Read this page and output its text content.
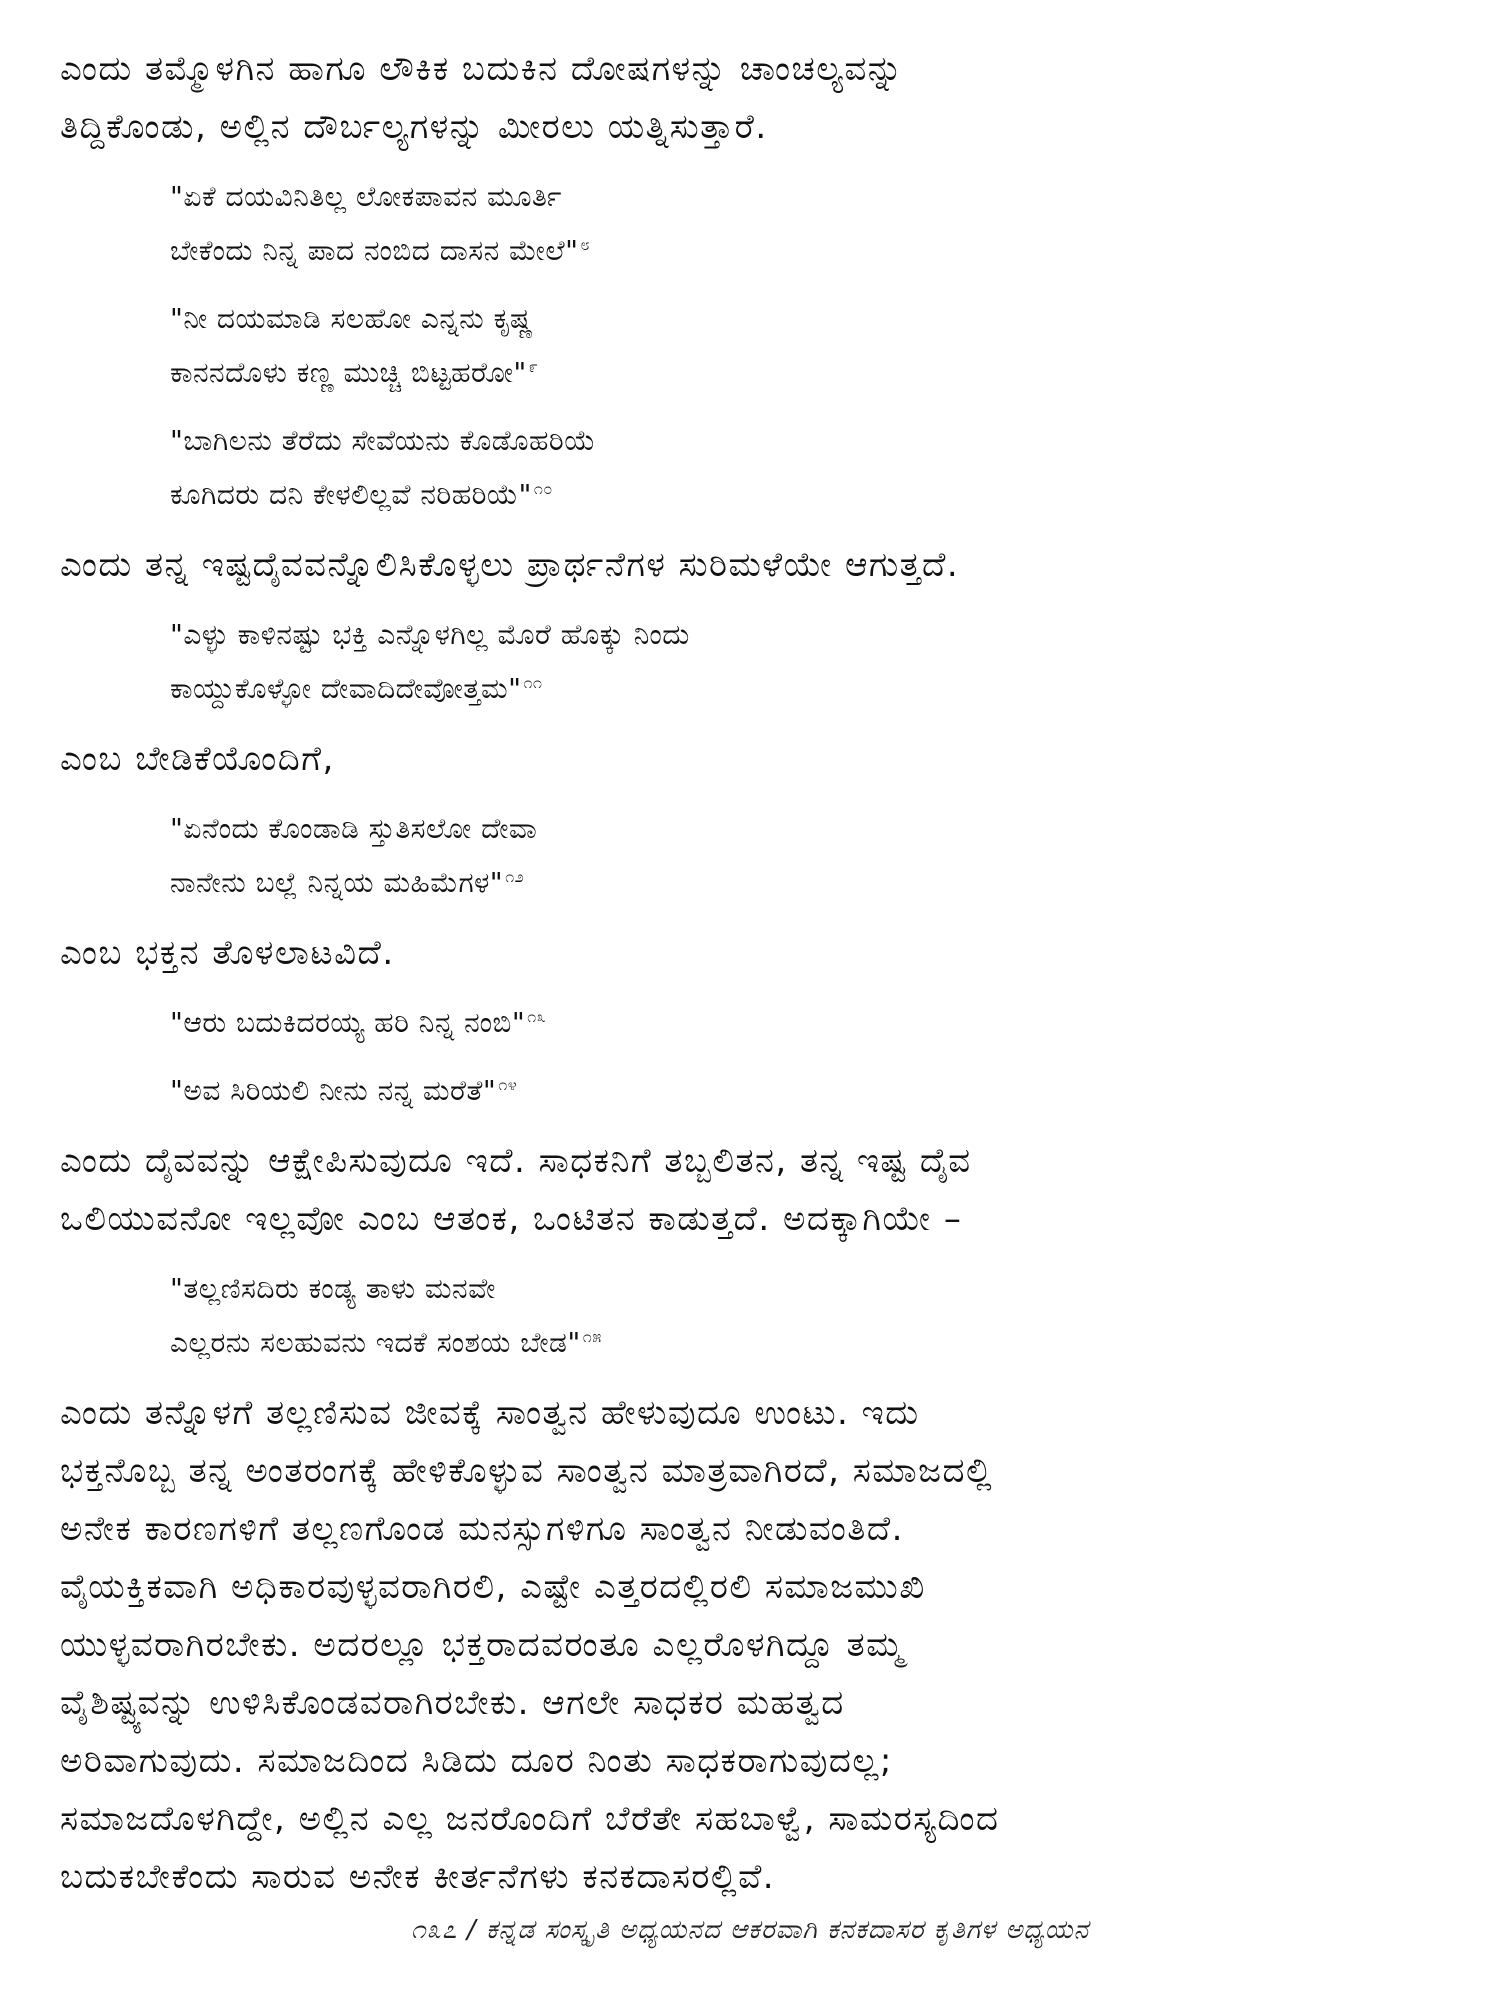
ಎಂದು ತಮ್ಮೊಳಗಿನ ಹಾಗೂ ಲೌಕಿಕ ಬದುಕಿನ ದೋಷಗಳನ್ನು ಚಾಂಚಲ್ಯವನ್ನು
ತಿದ್ದಿಕೊಂಡು, ಅಲ್ಲಿನ ದೌರ್ಬಲ್ಯಗಳನ್ನು ಮೀರಲು ಯತ್ನಿಸುತ್ತಾರೆ.
"ಏಕೆ ದಯವಿನಿತಿಲ್ಲ ಲೋಕಪಾವನ ಮೂರ್ತಿ
ಬೇಕೆಂದು ನಿನ್ನ ಪಾದ ನಂಬಿದ ದಾಸನ ಮೇಲೆ" $^೮$
"ನೀ ದಯಮಾಡಿ ಸಲಹೋ ಎನ್ನನು ಕೃಷ್ಣ
ಕಾನನದೊಳು ಕಣ್ಣ ಮುಚ್ಚಿ ಬಿಟ್ಟಹರೋ" $^೯$
"ಬಾಗಿಲನು ತೆರೆದು ಸೇವೆಯನು ಕೊಡೊಹರಿಯೆ
ಕೂಗಿದರು ದನಿ ಕೇಳಲಿಲ್ಲವೆ ನರಿಹರಿಯೆ" $^{೧೦}$
ಎಂದು ತನ್ನ ಇಷ್ಟದೈವವನ್ನೊಲಿಸಿಕೊಳ್ಳಲು ಪ್ರಾರ್ಥನೆಗಳ ಸುರಿಮಳೆಯೇ ಆಗುತ್ತದೆ.
"ಎಳ್ಳು ಕಾಳಿನಷ್ಟು ಭಕ್ತಿ ಎನ್ನೊಳಗಿಲ್ಲ ಮೊರೆ ಹೊಕ್ಕು ನಿಂದು
ಕಾಯ್ದುಕೊಳ್ಳೋ ದೇವಾದಿದೇವೋತ್ತಮ" $^{೧೧}$
ಎಂಬ ಬೇಡಿಕೆಯೊಂದಿಗೆ,
"ಏನೆಂದು ಕೊಂಡಾಡಿ ಸ್ತುತಿಸಲೋ ದೇವಾ
ನಾನೇನು ಬಲ್ಲೆ ನಿನ್ನಯ ಮಹಿಮೆಗಳ" $^{೧೨}$
ಎಂಬ ಭಕ್ತನ ತೊಳಲಾಟವಿದೆ.
"ಆರು ಬದುಕಿದರಯ್ಯ ಹರಿ ನಿನ್ನ ನಂಬಿ" $^{೧೩}$
"ಅವ ಸಿರಿಯಲಿ ನೀನು ನನ್ನ ಮರೆತೆ" $^{೧೪}$
ಎಂದು ದೈವವನ್ನು ಆಕ್ಷೇಪಿಸುವುದೂ ಇದೆ. ಸಾಧಕನಿಗೆ ತಬ್ಬಲಿತನ, ತನ್ನ ಇಷ್ಟ ದೈವ
ಒಲಿಯುವನೋ ಇಲ್ಲವೋ ಎಂಬ ಆತಂಕ, ಒಂಟಿತನ ಕಾಡುತ್ತದೆ. ಅದಕ್ಕಾಗಿಯೇ –
"ತಲ್ಲಣಿಸದಿರು ಕಂಡ್ಯ ತಾಳು ಮನವೇ
ಎಲ್ಲರನು ಸಲಹುವನು ಇದಕೆ ಸಂಶಯ ಬೇಡ" $^{೧೫}$
ಎಂದು ತನ್ನೊಳಗೆ ತಲ್ಲಣಿಸುವ ಜೀವಕ್ಕೆ ಸಾಂತ್ವನ ಹೇಳುವುದೂ ಉಂಟು. ಇದು
ಭಕ್ತನೊಬ್ಬ ತನ್ನ ಅಂತರಂಗಕ್ಕೆ ಹೇಳಿಕೊಳ್ಳುವ ಸಾಂತ್ವನ ಮಾತ್ರವಾಗಿರದೆ, ಸಮಾಜದಲ್ಲಿ
ಅನೇಕ ಕಾರಣಗಳಿಗೆ ತಲ್ಲಣಗೊಂಡ ಮನಸ್ಸುಗಳಿಗೂ ಸಾಂತ್ವನ ನೀಡುವಂತಿದೆ.
ವೈಯಕ್ತಿಕವಾಗಿ ಅಧಿಕಾರವುಳ್ಳವರಾಗಿರಲಿ, ಎಷ್ಟೇ ಎತ್ತರದಲ್ಲಿರಲಿ ಸಮಾಜಮುಖಿ
ಯುಳ್ಳವರಾಗಿರಬೇಕು. ಅದರಲ್ಲೂ ಭಕ್ತರಾದವರಂತೂ ಎಲ್ಲರೊಳಗಿದ್ದೂ ತಮ್ಮ
ವೈಶಿಷ್ಟ್ಯವನ್ನು ಉಳಿಸಿಕೊಂಡವರಾಗಿರಬೇಕು. ಆಗಲೇ ಸಾಧಕರ ಮಹತ್ವದ
ಅರಿವಾಗುವುದು. ಸಮಾಜದಿಂದ ಸಿಡಿದು ದೂರ ನಿಂತು ಸಾಧಕರಾಗುವುದಲ್ಲ;
ಸಮಾಜದೊಳಗಿದ್ದೇ, ಅಲ್ಲಿನ ಎಲ್ಲ ಜನರೊಂದಿಗೆ ಬೆರೆತೇ ಸಹಬಾಳ್ವೆ, ಸಾಮರಸ್ಯದಿಂದ
ಬದುಕಬೇಕೆಂದು ಸಾರುವ ಅನೇಕ ಕೀರ್ತನೆಗಳು ಕನಕದಾಸರಲ್ಲಿವೆ.
೧೩೭ / ಕನ್ನಡ ಸಂಸ್ಕೃತಿ ಅಧ್ಯಯನದ ಆಕರವಾಗಿ ಕನಕದಾಸರ ಕೃತಿಗಳ ಅಧ್ಯಯನ
